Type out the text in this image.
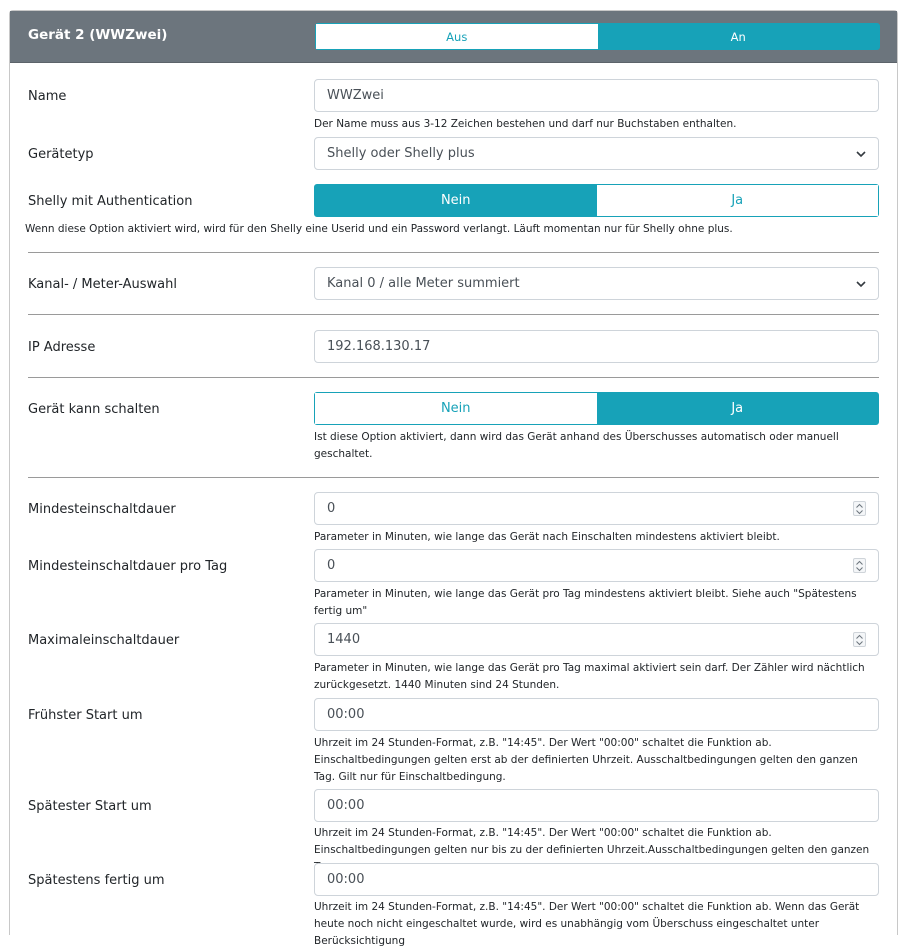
Gerät 2 (WWZwei)	Aus	An
Name	WWZwei
Der Name muss aus 3-12 Zeichen bestehen und darf nur Buchstaben enthalten.
Gerätetyp	Shelly oder Shelly plus
Shelly mit Authentication	Nein	Ja
Wenn diese Option aktiviert wird, wird für den Shelly eine Userid und ein Password verlangt. Läuft momentan nur für Shelly ohne plus.
Kanal- / Meter-Auswahl	Kanal 0 / alle Meter summiert
IP Adresse	192.168.130.17
Gerät kann schalten	Nein	Ja
Ist diese Option aktiviert, dann wird das Gerät anhand des Überschusses automatisch oder manuell geschaltet.
Mindesteinschaltdauer	0
Parameter in Minuten, wie lange das Gerät nach Einschalten mindestens aktiviert bleibt.
Mindesteinschaltdauer pro Tag	0
Parameter in Minuten, wie lange das Gerät pro Tag mindestens aktiviert bleibt. Siehe auch "Spätestens fertig um"
Maximaleinschaltdauer	1440
Parameter in Minuten, wie lange das Gerät pro Tag maximal aktiviert sein darf. Der Zähler wird nächtlich zurückgesetzt. 1440 Minuten sind 24 Stunden.
Frühster Start um	00:00
Uhrzeit im 24 Stunden-Format, z.B. "14:45". Der Wert "00:00" schaltet die Funktion ab. Einschaltbedingungen gelten erst ab der definierten Uhrzeit. Ausschaltbedingungen gelten den ganzen Tag. Gilt nur für Einschaltbedingung.
Spätester Start um	00:00
Uhrzeit im 24 Stunden-Format, z.B. "14:45". Der Wert "00:00" schaltet die Funktion ab. Einschaltbedingungen gelten nur bis zu der definierten Uhrzeit.Ausschaltbedingungen gelten den ganzen
Spätestens fertig um	00:00
Uhrzeit im 24 Stunden-Format, z.B. "14:45". Der Wert "00:00" schaltet die Funktion ab. Wenn das Gerät heute noch nicht eingeschaltet wurde, wird es unabhängig vom Überschuss eingeschaltet unter Berücksichtigung
